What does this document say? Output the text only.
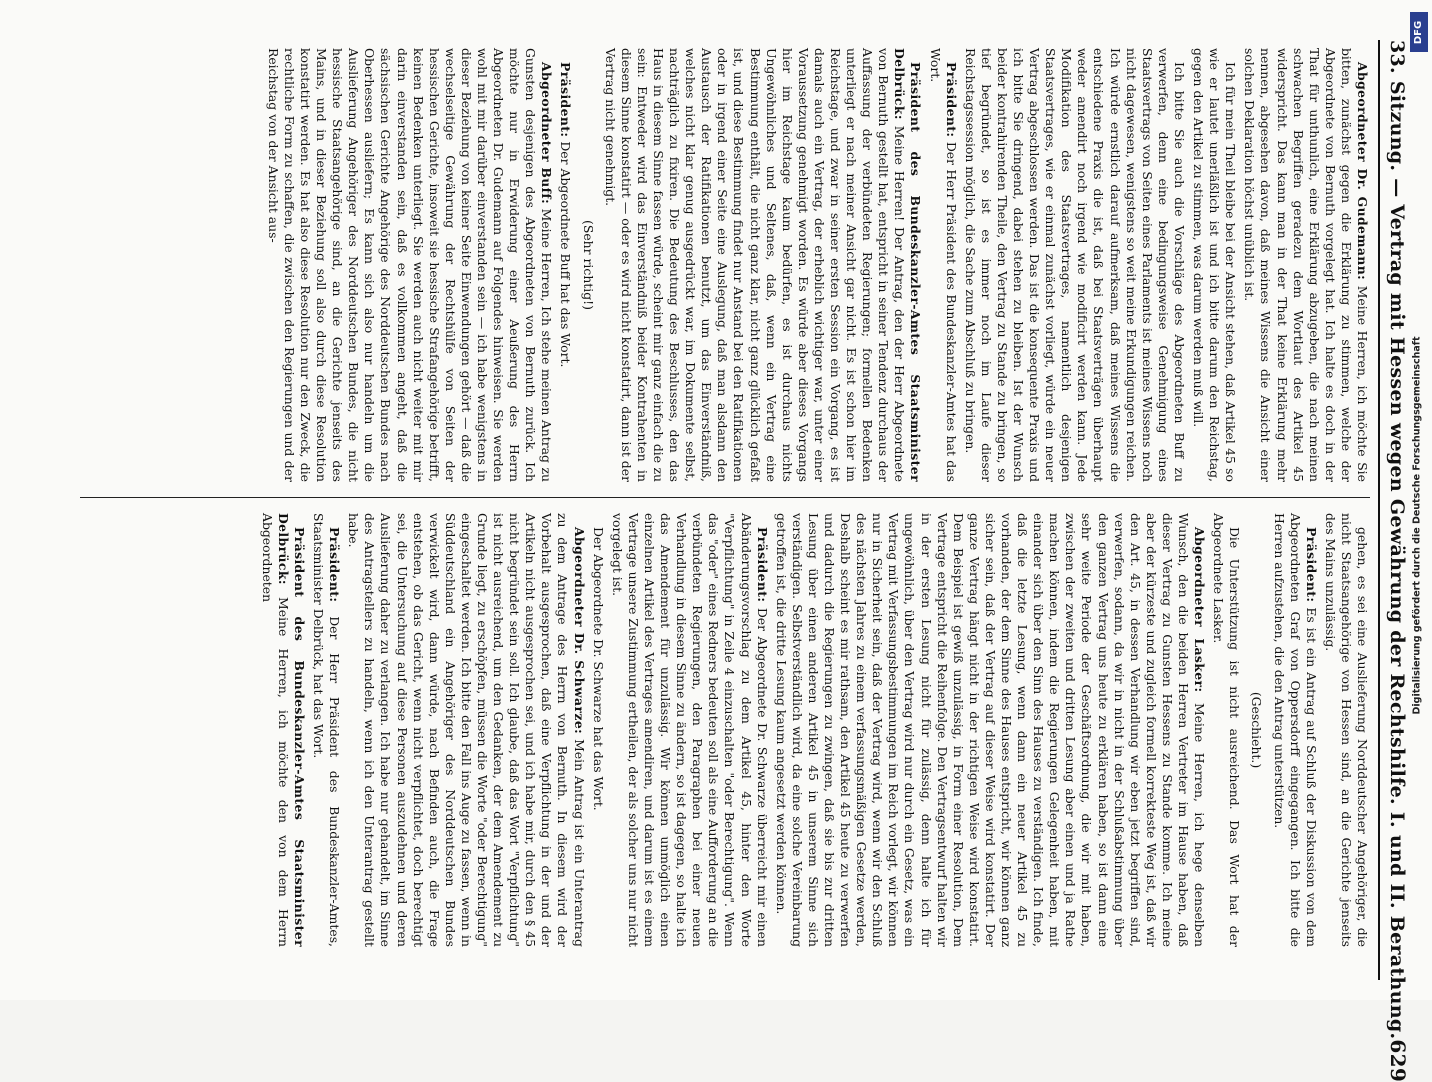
33. Sitzung. — Vertrag mit Hessen wegen Gewährung der Rechtshilfe. I. und II. Berathung.
629

Abgeordneter Dr. Gudemann: Meine Herren, ich möchte Sie bitten, zunächst gegen die Erklärung zu stimmen, welche der Abgeordnete von Bernuth vorgelegt hat. Ich halte es doch in der That für unthunlich, eine Erklärung abzugeben, die nach meinen schwachen Begriffen geradezu dem Wortlaut des Artikel 45 widerspricht. Das kann man in der That keine Erklärung mehr nennen, abgesehen davon, daß meines Wissens die Ansicht einer solchen Deklaration höchst unüblich ist.

Ich für mein Theil bleibe bei der Ansicht stehen, daß Artikel 45 so wie er lautet unerläßlich ist und ich bitte darum den Reichstag, gegen den Artikel zu stimmen, was darum werden muß will.

Ich bitte Sie auch die Vorschläge des Abgeordneten Buff zu verwerfen, denn eine bedingungsweise Genehmigung eines Staatsvertrags von Seiten eines Parlaments ist meines Wissens noch nicht dagewesen, wenigstens so weit meine Erkundigungen reichen. Ich würde ernstlich darauf aufmerksam, daß meines Wissens die entschiedene Praxis die ist, daß bei Staatsverträgen überhaupt weder amendirt noch irgend wie modificirt werden kann. Jede Modifikation des Staatsvertrages, namentlich desjenigen Staatsvertrages, wie er einmal zunächst vorliegt, würde ein neuer Vertrag abgeschlossen werden. Das ist die konsequente Praxis und ich bitte Sie dringend, dabei stehen zu bleiben. Ist der Wunsch beider kontrahirenden Theile, den Vertrag zu Stande zu bringen, so tief begründet, so ist es immer noch im Laufe dieser Reichstagssession möglich, die Sache zum Abschluß zu bringen.

Präsident: Der Herr Präsident des Bundeskanzler-Amtes hat das Wort.

Präsident des Bundeskanzler-Amtes Staatsminister Delbrück: Meine Herren! Der Antrag, den der Herr Abgeordnete von Bernuth gestellt hat, entspricht in seiner Tendenz durchaus der Auffassung der verbündeten Regierungen; formellen Bedenken unterliegt er nach meiner Ansicht gar nicht. Es ist schon hier im Reichstage, und zwar in seiner ersten Session ein Vorgang, es ist damals auch ein Vertrag, der erheblich wichtiger war, unter einer Voraussetzung genehmigt worden. Es würde aber dieses Vorgangs hier im Reichstage kaum bedürfen, es ist durchaus nichts Ungewöhnliches und Seltenes, daß, wenn ein Vertrag eine Bestimmung enthält, die nicht ganz klar, nicht ganz glücklich gefaßt ist, und diese Bestimmung findet nur Anstand bei den Ratifikationen oder in irgend einer Seite eine Auslegung, daß man alsdann den Austausch der Ratifikationen benutzt, um das Einverständniß, welches nicht klar genug ausgedrückt war, im Dokumente selbst, nachträglich zu fixiren. Die Bedeutung des Beschlusses, den das Haus in diesem Sinne fassen würde, scheint mir ganz einfach die zu sein: Entweder wird das Einverständniß beider Kontrahenten in diesem Sinne konstatirt — oder es wird nicht konstatirt, dann ist der Vertrag nicht genehmigt.

(Sehr richtig!)

Präsident: Der Abgeordnete Buff hat das Wort.

Abgeordneter Buff: Meine Herren, Ich stehe meinen Antrag zu Gunsten desjenigen des Abgeordneten von Bernuth zurück. Ich möchte nur in Erwiderung einer Aeußerung des Herrn Abgeordneten Dr. Gudemann auf Folgendes hinweisen. Sie werden wohl mit mir darüber einverstanden sein — ich habe wenigstens in dieser Beziehung von keiner Seite Einwendungen gehört — daß die wechselseitige Gewährung der Rechtshülfe von Seiten der hessischen Gerichte, insoweit sie hessische Strafangehörige betrifft, keinen Bedenken unterliegt. Sie werden auch nicht weiter mit mir darin einverstanden sein, daß es vollkommen angeht, daß die sächsischen Gerichte Angehörige des Norddeutschen Bundes nach Oberhessen ausliefern; Es kann sich also nur handeln um die Auslieferung Angehöriger des Norddeutschen Bundes, die nicht hessische Staatsangehörige sind, an die Gerichte jenseits des Mains, und in dieser Beziehung soll also durch diese Resolution konstatirt werden. Es hat also diese Resolution nur den Zweck, die rechtliche Form zu schaffen, die zwischen den Regierungen und der Reichstag von der Ansicht aus-

gehen, es sei eine Auslieferung Norddeutscher Angehöriger, die nicht Staatsangehörige von Hessen sind, an die Gerichte jenseits des Mains unzulässig.

Präsident: Es ist ein Antrag auf Schluß der Diskussion von dem Abgeordneten Graf von Oppersdorff eingegangen. Ich bitte die Herren aufzustehen, die den Antrag unterstützen.

(Geschieht.)

Die Unterstützung ist nicht ausreichend. Das Wort hat der Abgeordnete Lasker.

Abgeordneter Lasker: Meine Herren, ich hege denselben Wunsch, den die beiden Herren Vertreter im Hause haben, daß dieser Vertrag zu Gunsten Hessens zu Stande komme. Ich meine aber der kürzeste und zugleich formell korrekteste Weg ist, daß wir den Art. 45, in dessen Verhandlung wir eben jetzt begriffen sind, verwerfen, sodann, da wir in nicht in der Schlußabstimmung über den ganzen Vertrag uns heute zu erklären haben, so ist dann eine sehr weite Periode der Geschäftsordnung, die wir mit haben, zwischen der zweiten und dritten Lesung aber einen und ja Rathe machen können, indem die Regierungen Gelegenheit haben, mit einander sich über den Sinn des Hauses zu verständigen. Ich finde, daß die letzte Lesung, wenn dann ein neuer Artikel 45 zu vorhanden, der dem Sinne des Hauses entspricht, wir können ganz sicher sein, daß der Vertrag auf dieser Weise wird konstatirt. Der ganze Vertrag hängt nicht in der richtigen Weise wird konstatirt. Dem Beispiel ist gewiß unzulässig, in Form einer Resolution, Dem Vertrage entspricht die Reihenfolge. Den Vertragsentwurf halten wir in der ersten Lesung nicht für zulässig, denn halte ich für ungewöhnlich, über den Vertrag wird nur durch ein Gesetz, was ein Vertrag mit Verfassungsbestimmungen im Reich vorlegt, wir können nur in Sicherheit sein, daß der Vertrag wird, wenn wir den Schluß des nächsten Jahres zu einem verfassungsmäßigen Gesetze werden, Deshalb scheint es mir rathsam, den Artikel 45 heute zu verwerfen und dadurch die Regierungen zu zwingen, daß sie bis zur dritten Lesung über einen anderen Artikel 45 in unserem Sinne sich verständigen. Selbstverständlich wird, da eine solche Vereinbarung getroffen ist, die dritte Lesung kaum angesetzt werden können.

Präsident: Der Abgeordnete Dr. Schwarze überreicht mir einen Abänderungsvorschlag zu dem Artikel 45, hinter den Worte "Verpflichtung" in Zeile 4 einzuschalten "oder Berechtigung". Wenn das "oder" eines Redners bedeuten soll als eine Aufforderung an die verbündeten Regierungen, den Paragraphen bei einer neuen Verhandlung in diesem Sinne zu ändern, so ist dagegen, so halte ich das Amendement für unzulässig. Wir können unmöglich einen einzelnen Artikel des Vertrages amendiren, und darum ist es einem Vertrage unsere Zustimmung ertheilen, der als solcher uns nur nicht vorgelegt ist.

Der Abgeordnete Dr. Schwarze hat das Wort.

Abgeordneter Dr. Schwarze: Mein Antrag ist ein Unterantrag zu dem Antrage des Herrn von Bernuth. In diesem wird der Vorbehalt ausgesprochen, daß eine Verpflichtung in der und der Artikeln nicht ausgesprochen sei, und ich habe mir, durch den § 45 nicht begründet sein soll. Ich glaube, daß das Wort "Verpflichtung" ist nicht ausreichend, um den Gedanken, der dem Amendement zu Grunde liegt, zu erschöpfen, müssen die Worte "oder Berechtigung" eingeschaltet werden. Ich bitte den Fall ins Auge zu fassen, wenn in Süddeutschland ein Angehöriger des Norddeutschen Bundes verwickelt wird, dann würde, nach Befinden auch, die Frage entstehen, ob das Gericht, wenn nicht verpflichtet, doch berechtigt sei, die Untersuchung auf diese Personen auszudehnen und deren Auslieferung daher zu verlangen. Ich habe nur gehandelt, im Sinne des Antragstellers zu handeln, wenn ich den Unterantrag gestellt habe.

Präsident: Der Herr Präsident des Bundeskanzler-Amtes, Staatsminister Delbrück, hat das Wort.

Präsident des Bundeskanzler-Amtes Staatsminister Delbrück: Meine Herren, ich möchte den von dem Herrn Abgeordneten

DFG
Digitalisierung gefördert durch die Deutsche Forschungsgemeinschaft
